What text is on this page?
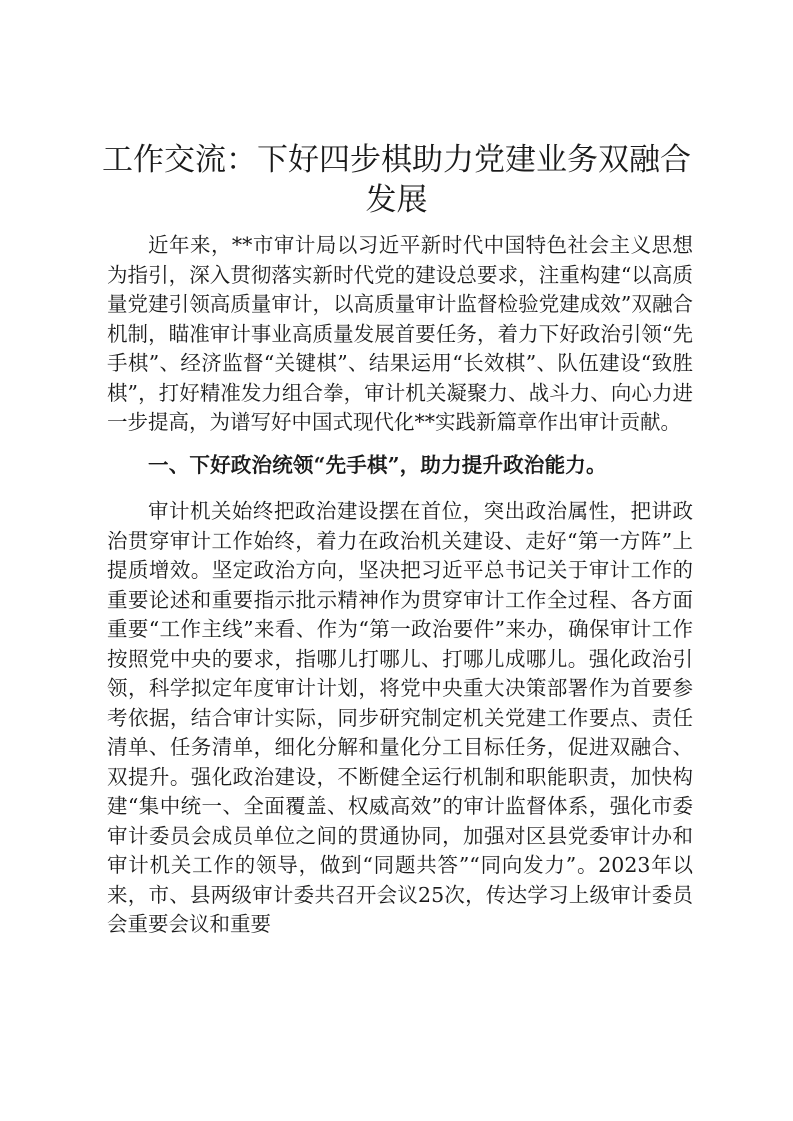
工作交流：下好四步棋助力党建业务双融合发展

近年来，**市审计局以习近平新时代中国特色社会主义思想为指引，深入贯彻落实新时代党的建设总要求，注重构建“以高质量党建引领高质量审计，以高质量审计监督检验党建成效”双融合机制，瞄准审计事业高质量发展首要任务，着力下好政治引领“先手棋”、经济监督“关键棋”、结果运用“长效棋”、队伍建设“致胜棋”，打好精准发力组合拳，审计机关凝聚力、战斗力、向心力进一步提高，为谱写好中国式现代化**实践新篇章作出审计贡献。

一、下好政治统领“先手棋”，助力提升政治能力。

审计机关始终把政治建设摆在首位，突出政治属性，把讲政治贯穿审计工作始终，着力在政治机关建设、走好“第一方阵”上提质增效。坚定政治方向，坚决把习近平总书记关于审计工作的重要论述和重要指示批示精神作为贯穿审计工作全过程、各方面重要“工作主线”来看、作为“第一政治要件”来办，确保审计工作按照党中央的要求，指哪儿打哪儿、打哪儿成哪儿。强化政治引领，科学拟定年度审计计划，将党中央重大决策部署作为首要参考依据，结合审计实际，同步研究制定机关党建工作要点、责任清单、任务清单，细化分解和量化分工目标任务，促进双融合、双提升。强化政治建设，不断健全运行机制和职能职责，加快构建“集中统一、全面覆盖、权威高效”的审计监督体系，强化市委审计委员会成员单位之间的贯通协同，加强对区县党委审计办和审计机关工作的领导，做到“同题共答”“同向发力”。2023年以来，市、县两级审计委共召开会议25次，传达学习上级审计委员会重要会议和重要
